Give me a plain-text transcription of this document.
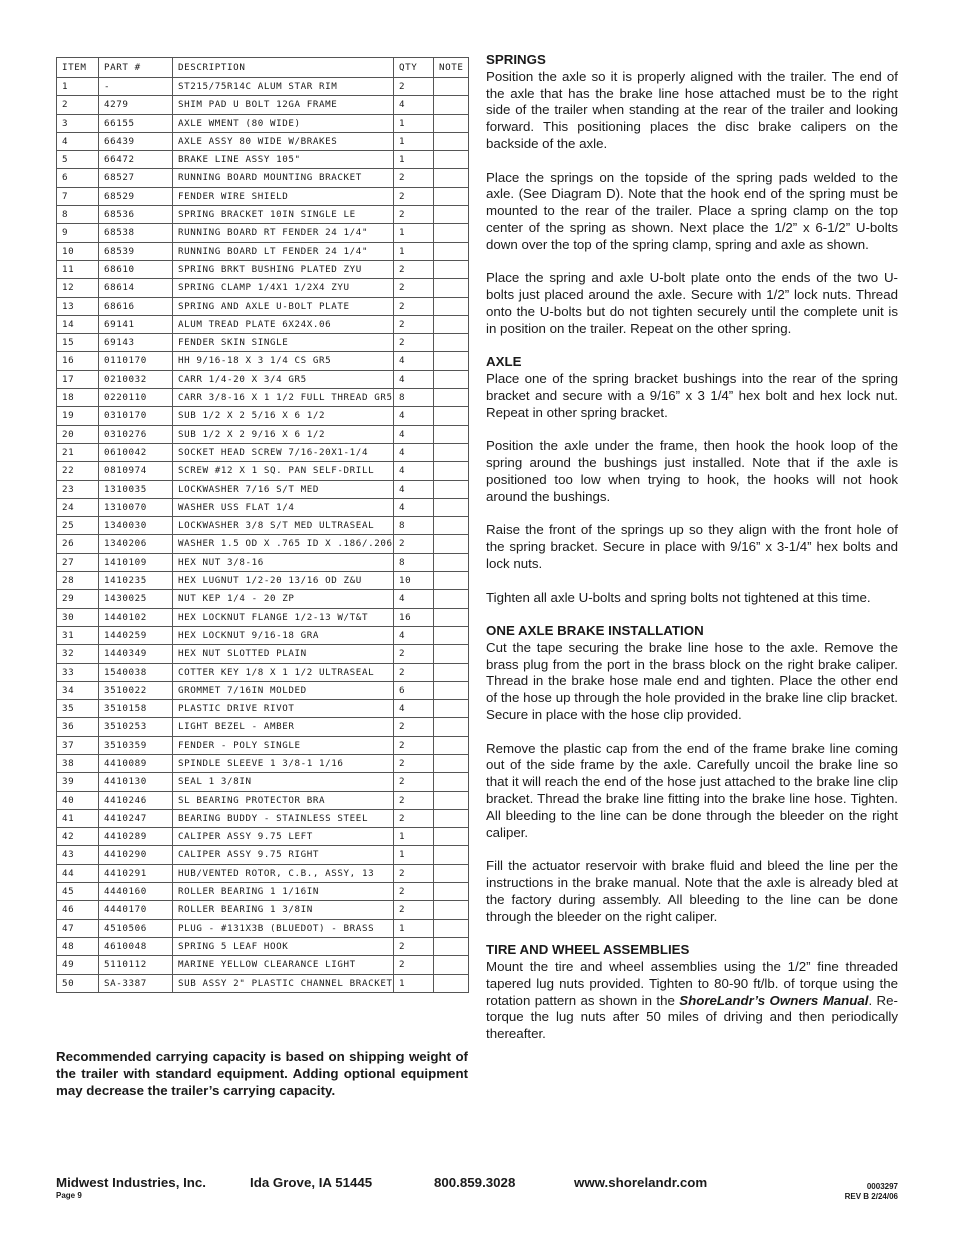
ITEM	PART #	DESCRIPTION	QTY	NOTE
1	-	ST215/75R14C ALUM STAR RIM	2	
2	4279	SHIM PAD U BOLT 12GA FRAME	4	
3	66155	AXLE WMENT (80 WIDE)	1	
4	66439	AXLE ASSY 80 WIDE W/BRAKES	1	
5	66472	BRAKE LINE ASSY 105"	1	
6	68527	RUNNING BOARD MOUNTING BRACKET	2	
7	68529	FENDER WIRE SHIELD	2	
8	68536	SPRING BRACKET 10IN SINGLE LE	2	
9	68538	RUNNING BOARD RT FENDER 24 1/4"	1	
10	68539	RUNNING BOARD LT FENDER 24 1/4"	1	
11	68610	SPRING BRKT BUSHING PLATED ZYU	2	
12	68614	SPRING CLAMP 1/4X1 1/2X4 ZYU	2	
13	68616	SPRING AND AXLE U-BOLT PLATE	2	
14	69141	ALUM TREAD PLATE 6X24X.06	2	
15	69143	FENDER SKIN SINGLE	2	
16	0110170	HH 9/16-18 X 3 1/4 CS GR5	4	
17	0210032	CARR 1/4-20 X 3/4 GR5	4	
18	0220110	CARR 3/8-16 X 1 1/2 FULL THREAD GR5	8	
19	0310170	SUB 1/2 X 2 5/16 X 6 1/2	4	
20	0310276	SUB 1/2 X 2 9/16 X 6 1/2	4	
21	0610042	SOCKET HEAD SCREW 7/16-20X1-1/4	4	
22	0810974	SCREW #12 X 1 SQ. PAN SELF-DRILL	4	
23	1310035	LOCKWASHER 7/16 S/T MED	4	
24	1310070	WASHER USS FLAT 1/4	4	
25	1340030	LOCKWASHER 3/8 S/T MED ULTRASEAL	8	
26	1340206	WASHER 1.5 OD X .765 ID X .186/.206	2	
27	1410109	HEX NUT 3/8-16	8	
28	1410235	HEX LUGNUT 1/2-20 13/16 OD Z&U	10	
29	1430025	NUT KEP 1/4 - 20 ZP	4	
30	1440102	HEX LOCKNUT FLANGE 1/2-13 W/T&T	16	
31	1440259	HEX LOCKNUT 9/16-18 GRA	4	
32	1440349	HEX NUT SLOTTED PLAIN	2	
33	1540038	COTTER KEY 1/8 X 1 1/2 ULTRASEAL	2	
34	3510022	GROMMET 7/16IN MOLDED	6	
35	3510158	PLASTIC DRIVE RIVOT	4	
36	3510253	LIGHT BEZEL - AMBER	2	
37	3510359	FENDER - POLY SINGLE	2	
38	4410089	SPINDLE SLEEVE 1 3/8-1 1/16	2	
39	4410130	SEAL 1 3/8IN	2	
40	4410246	SL BEARING PROTECTOR BRA	2	
41	4410247	BEARING BUDDY - STAINLESS STEEL	2	
42	4410289	CALIPER ASSY 9.75 LEFT	1	
43	4410290	CALIPER ASSY 9.75 RIGHT	1	
44	4410291	HUB/VENTED ROTOR, C.B., ASSY, 13	2	
45	4440160	ROLLER BEARING 1 1/16IN	2	
46	4440170	ROLLER BEARING 1 3/8IN	2	
47	4510506	PLUG - #131X3B (BLUEDOT) - BRASS	1	
48	4610048	SPRING 5 LEAF HOOK	2	
49	5110112	MARINE YELLOW CLEARANCE LIGHT	2	
50	SA-3387	SUB ASSY 2" PLASTIC CHANNEL BRACKET	1	

Recommended carrying capacity is based on shipping weight of the trailer with standard equipment. Adding optional equipment may decrease the trailer’s carrying capacity.

SPRINGS

Position the axle so it is properly aligned with the trailer. The end of the axle that has the brake line hose attached must be to the right side of the trailer when standing at the rear of the trailer and looking forward. This positioning places the disc brake calipers on the backside of the axle.

Place the springs on the topside of the spring pads welded to the axle. (See Diagram D). Note that the hook end of the spring must be mounted to the rear of the trailer. Place a spring clamp on the top center of the spring as shown. Next place the 1/2” x 6-1/2” U-bolts down over the top of the spring clamp, spring and axle as shown.

Place the spring and axle U-bolt plate onto the ends of the two U-bolts just placed around the axle. Secure with 1/2” lock nuts. Thread onto the U-bolts but do not tighten securely until the complete unit is in position on the trailer. Repeat on the other spring.

AXLE

Place one of the spring bracket bushings into the rear of the spring bracket and secure with a 9/16” x 3 1/4” hex bolt and hex lock nut. Repeat in other spring bracket.

Position the axle under the frame, then hook the hook loop of the spring around the bushings just installed. Note that if the axle is positioned too low when trying to hook, the hooks will not hook around the bushings.

Raise the front of the springs up so they align with the front hole of the spring bracket. Secure in place with 9/16” x 3-1/4” hex bolts and lock nuts.

Tighten all axle U-bolts and spring bolts not tightened at this time.

ONE AXLE BRAKE INSTALLATION

Cut the tape securing the brake line hose to the axle. Remove the brass plug from the port in the brass block on the right brake caliper. Thread in the brake hose male end and tighten. Place the other end of the hose up through the hole provided in the brake line clip bracket. Secure in place with the hose clip provided.

Remove the plastic cap from the end of the frame brake line coming out of the side frame by the axle. Carefully uncoil the brake line so that it will reach the end of the hose just attached to the brake line clip bracket. Thread the brake line fitting into the brake line hose. Tighten. All bleeding to the line can be done through the bleeder on the right caliper.

Fill the actuator reservoir with brake fluid and bleed the line per the instructions in the brake manual. Note that the axle is already bled at the factory during assembly. All bleeding to the line can be done through the bleeder on the right caliper.

TIRE AND WHEEL ASSEMBLIES

Mount the tire and wheel assemblies using the 1/2” fine threaded tapered lug nuts provided. Tighten to 80-90 ft/lb. of torque using the rotation pattern as shown in the ShoreLandr’s Owners Manual. Re-torque the lug nuts after 50 miles of driving and then periodically thereafter.

Midwest Industries, Inc.	Ida Grove, IA 51445	800.859.3028	www.shorelandr.com
Page 9
0003297
REV B 2/24/06
